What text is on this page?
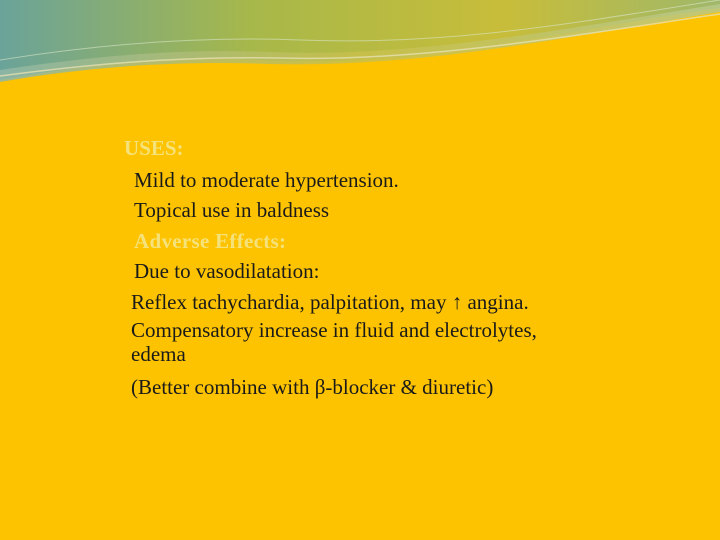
USES:
Mild to moderate hypertension.
Topical use in baldness
Adverse Effects:
Due to vasodilatation:
Reflex tachychardia, palpitation, may ↑ angina.
Compensatory increase in fluid and electrolytes,
edema
(Better combine with β-blocker & diuretic)
